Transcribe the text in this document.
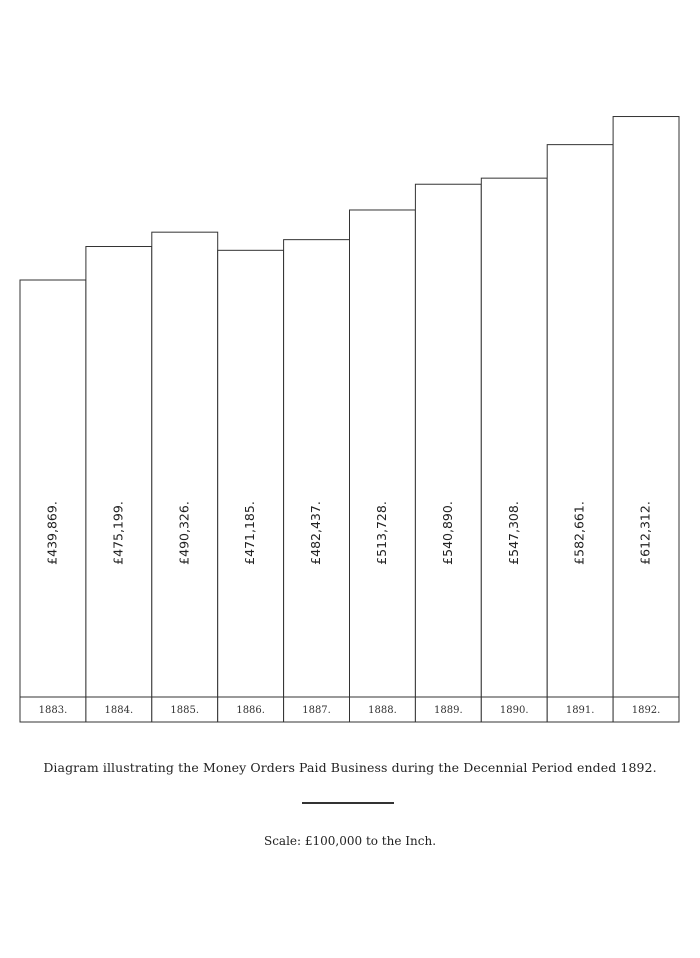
£439,869.	£475,199.	£490,326.	£471,185.	£482,437.	£513,728.	£540,890.	£547,308.	£582,661.	£612,312.
1883.	1884.	1885.	1886.	1887.	1888.	1889.	1890.	1891.	1892.
Diagram illustrating the Money Orders Paid Business during the Decennial Period ended 1892.
Scale: £100,000 to the Inch.
